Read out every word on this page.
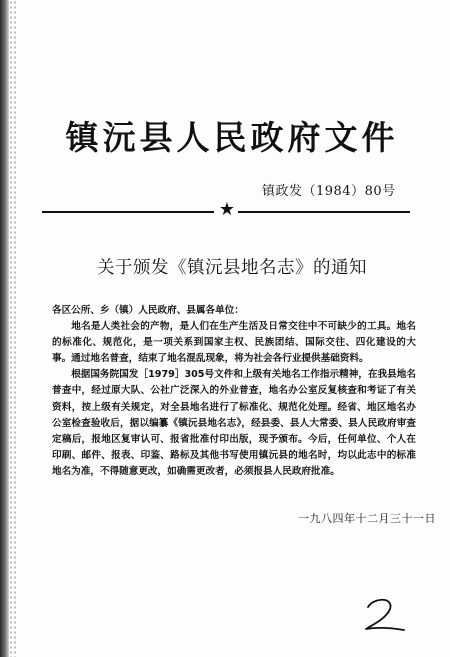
镇沅县人民政府文件
镇政发（1984）80号
★
关于颁发《镇沅县地名志》的通知

各区公所、乡（镇）人民政府、县属各单位：

地名是人类社会的产物，是人们在生产生活及日常交往中不可缺少的工具。地名的标准化、规范化，是一项关系到国家主权、民族团结、国际交往、四化建设的大事。通过地名普查，结束了地名混乱现象，将为社会各行业提供基础资料。

根据国务院国发［1979］305号文件和上级有关地名工作指示精神，在我县地名普查中，经过原大队、公社广泛深入的外业普查，地名办公室反复核查和考证了有关资料，按上级有关规定，对全县地名进行了标准化、规范化处理。经省、地区地名办公室检查验收后，据以编纂《镇沅县地名志》，经县委、县人大常委、县人民政府审查定稿后，报地区复审认可、报省批准付印出版，现予颁布。今后，任何单位、个人在印刷、邮件、报表、印鉴、路标及其他书写使用镇沅县的地名时，均以此志中的标准地名为准，不得随意更改，如确需更改者，必须报县人民政府批准。

一九八四年十二月三十一日
